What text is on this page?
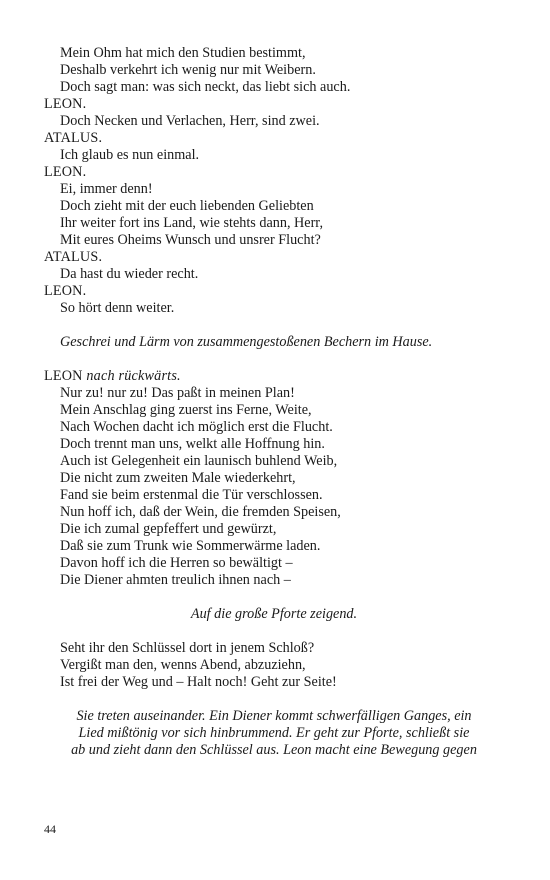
Mein Ohm hat mich den Studien bestimmt,
Deshalb verkehrt ich wenig nur mit Weibern.
Doch sagt man: was sich neckt, das liebt sich auch.
LEON.
Doch Necken und Verlachen, Herr, sind zwei.
ATALUS.
Ich glaub es nun einmal.
LEON.
Ei, immer denn!
Doch zieht mit der euch liebenden Geliebten
Ihr weiter fort ins Land, wie stehts dann, Herr,
Mit eures Oheims Wunsch und unsrer Flucht?
ATALUS.
Da hast du wieder recht.
LEON.
So hört denn weiter.
Geschrei und Lärm von zusammengestoßenen Bechern im Hause.
LEON nach rückwärts.
Nur zu! nur zu! Das paßt in meinen Plan!
Mein Anschlag ging zuerst ins Ferne, Weite,
Nach Wochen dacht ich möglich erst die Flucht.
Doch trennt man uns, welkt alle Hoffnung hin.
Auch ist Gelegenheit ein launisch buhlend Weib,
Die nicht zum zweiten Male wiederkehrt,
Fand sie beim erstenmal die Tür verschlossen.
Nun hoff ich, daß der Wein, die fremden Speisen,
Die ich zumal gepfeffert und gewürzt,
Daß sie zum Trunk wie Sommerwärme laden.
Davon hoff ich die Herren so bewältigt –
Die Diener ahmten treulich ihnen nach –
Auf die große Pforte zeigend.
Seht ihr den Schlüssel dort in jenem Schloß?
Vergißt man den, wenns Abend, abzuziehn,
Ist frei der Weg und – Halt noch! Geht zur Seite!
Sie treten auseinander. Ein Diener kommt schwerfälligen Ganges, ein
Lied mißtönig vor sich hinbrummend. Er geht zur Pforte, schließt sie
ab und zieht dann den Schlüssel aus. Leon macht eine Bewegung gegen
44
